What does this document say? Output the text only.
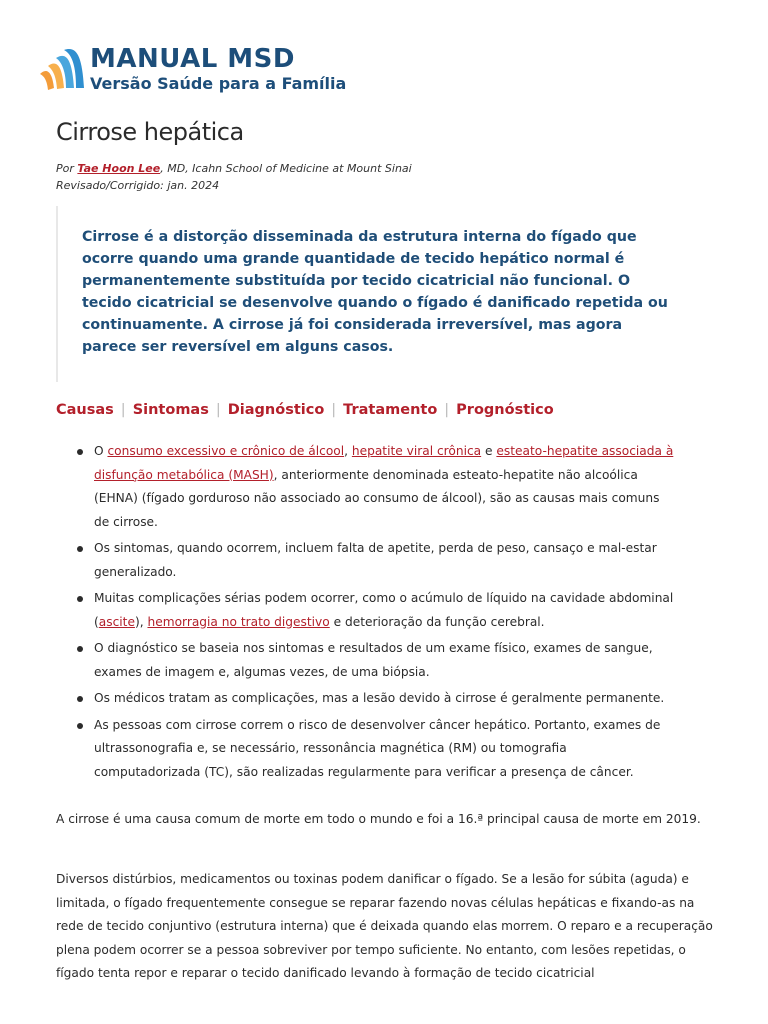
MANUAL MSD
Versão Saúde para a Família
Cirrose hepática
Por Tae Hoon Lee, MD, Icahn School of Medicine at Mount Sinai
Revisado/Corrigido: jan. 2024

Cirrose é a distorção disseminada da estrutura interna do fígado que ocorre quando uma grande quantidade de tecido hepático normal é permanentemente substituída por tecido cicatricial não funcional. O tecido cicatricial se desenvolve quando o fígado é danificado repetida ou continuamente. A cirrose já foi considerada irreversível, mas agora parece ser reversível em alguns casos.

Causas | Sintomas | Diagnóstico | Tratamento | Prognóstico
O consumo excessivo e crônico de álcool, hepatite viral crônica e esteato-hepatite associada à disfunção metabólica (MASH), anteriormente denominada esteato-hepatite não alcoólica (EHNA) (fígado gorduroso não associado ao consumo de álcool), são as causas mais comuns de cirrose.
Os sintomas, quando ocorrem, incluem falta de apetite, perda de peso, cansaço e mal-estar generalizado.
Muitas complicações sérias podem ocorrer, como o acúmulo de líquido na cavidade abdominal (ascite), hemorragia no trato digestivo e deterioração da função cerebral.
O diagnóstico se baseia nos sintomas e resultados de um exame físico, exames de sangue, exames de imagem e, algumas vezes, de uma biópsia.
Os médicos tratam as complicações, mas a lesão devido à cirrose é geralmente permanente.
As pessoas com cirrose correm o risco de desenvolver câncer hepático. Portanto, exames de ultrassonografia e, se necessário, ressonância magnética (RM) ou tomografia computadorizada (TC), são realizadas regularmente para verificar a presença de câncer.

A cirrose é uma causa comum de morte em todo o mundo e foi a 16.ª principal causa de morte em 2019.

Diversos distúrbios, medicamentos ou toxinas podem danificar o fígado. Se a lesão for súbita (aguda) e limitada, o fígado frequentemente consegue se reparar fazendo novas células hepáticas e fixando-as na rede de tecido conjuntivo (estrutura interna) que é deixada quando elas morrem. O reparo e a recuperação plena podem ocorrer se a pessoa sobreviver por tempo suficiente. No entanto, com lesões repetidas, o fígado tenta repor e reparar o tecido danificado levando à formação de tecido cicatricial
